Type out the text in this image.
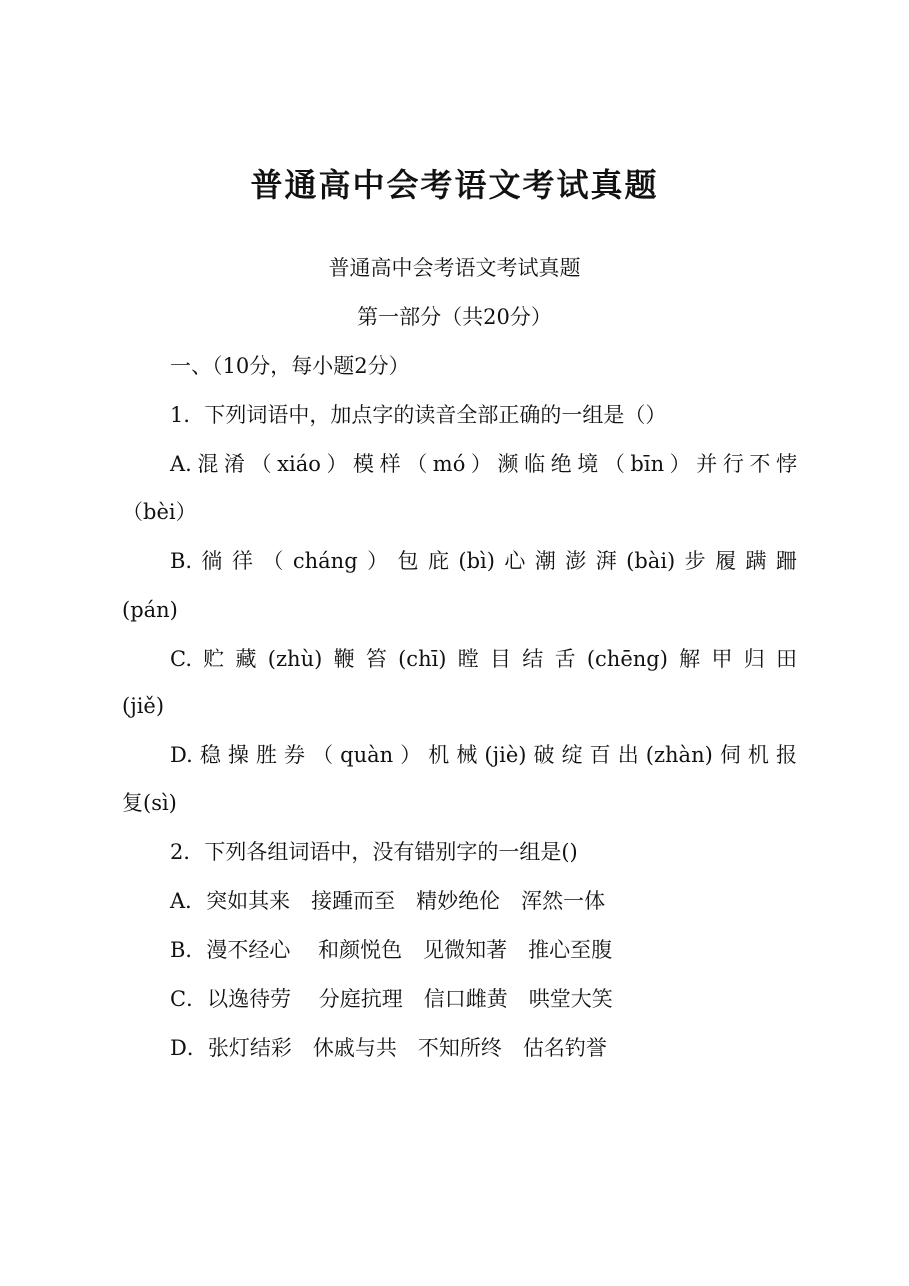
普通高中会考语文考试真题

普通高中会考语文考试真题

第一部分（共20分）

一、（10分，每小题2分）

1．下列词语中，加点字的读音全部正确的一组是（）

A.混淆（xiáo）模样（mó）濒临绝境（bīn）并行不悖

（bèi）

B.徜徉（cháng）包庇(bì)心潮澎湃(bài)步履蹒跚

(pán)

C.贮藏(zhù)鞭笞(chī)瞠目结舌(chēng)解甲归田

(jiě)

D.稳操胜券（quàn）机械(jiè)破绽百出(zhàn)伺机报

复(sì)

2．下列各组词语中，没有错别字的一组是()

A．突如其来　接踵而至　精妙绝伦　浑然一体

B．漫不经心　 和颜悦色　见微知著　推心至腹

C．以逸待劳　 分庭抗理　信口雌黄　哄堂大笑

D．张灯结彩　休戚与共　不知所终　估名钓誉
